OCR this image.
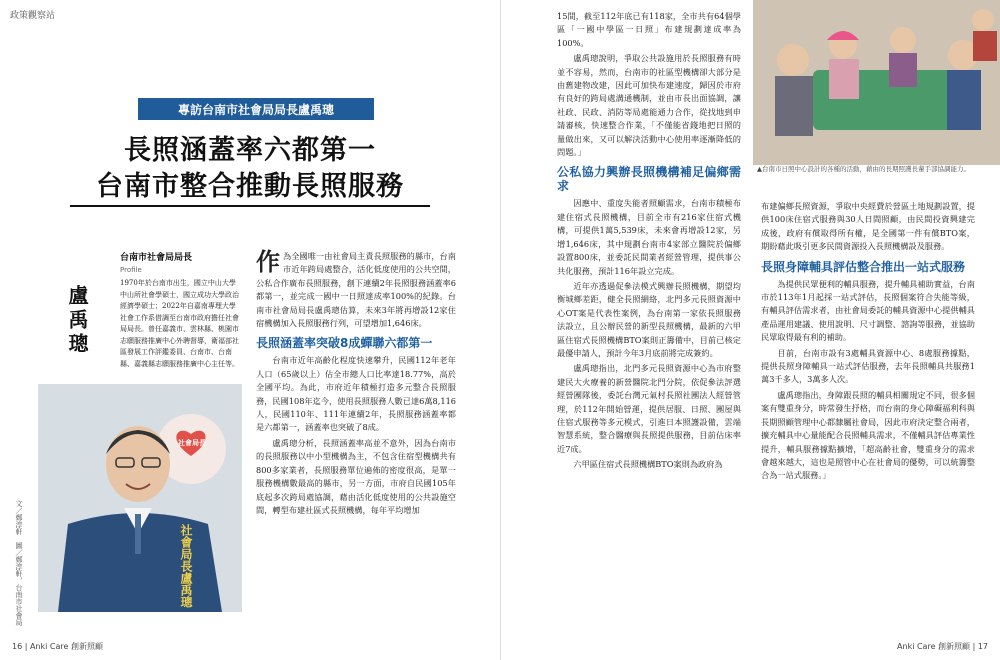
政策觀察站
專訪台南市社會局局長盧禹璁
長照涵蓋率六都第一
台南市整合推動長照服務
盧禹璁
台南市社會局局長
Profile
1970年於台南市出生，國立中山大學中山所社會學碩士，國立成功大學政治經濟學碩士；2022年自嘉南專理大學社會工作系借調至台南市政府擔任社會局局長。曾任嘉義市、雲林縣、桃園市志願服務推廣中心外聘督導，衛福部社區發展工作評鑑委員、台南市、台南縣、嘉義縣志願服務推廣中心主任等。
社會局長盧禹璁
社會局長
文／鄭淳軒　圖／鄭淳軒，台南市社會局
作為全國唯一由社會局主責長照服務的縣市，台南市近年跨局處整合，活化低度使用的公共空間，公私合作廣布長照服務，創下連續2年長照服務涵蓋率6都第一，並完成一國中一日照達成率100%的紀錄。台南市社會局局長盧禹璁估算，未來3年將再增設12家住宿機構加入長照服務行列，可望增加1,646床。
長照涵蓋率突破8成蟬聯六都第一

台南市近年高齡化程度快速攀升，民國112年老年人口（65歲以上）佔全市總人口比率達18.77%，高於全國平均。為此，市府近年積極打造多元整合長照服務，民國108年迄今，使用長照服務人數已達6萬8,116人，民國110年、111年連續2年，長照服務涵蓋率都是六都第一，涵蓋率也突破了8成。

盧禹璁分析，長照涵蓋率高並不意外，因為台南市的長照服務以中小型機構為主，不包含住宿型機構共有800多家業者，長照服務單位遍佈的密度很高，是單一服務機構數最高的縣市，另一方面，市府自民國105年底起多次跨局處協調，藉由活化低度使用的公共設施空間，轉型布建社區式長照機構，每年平均增加

16 | Anki Care 創新照顧

15間，截至112年底已有118家，全市共有64個學區「一國中學區一日照」布建規劃達成率為100%。

盧禹璁說明，爭取公共設施用於長照服務有時並不容易，然而，台南市的社區型機構卻大部分是由舊建物改建，因此可加快布建速度，歸因於市府有良好的跨局處溝通機制，並由市長出面協調，讓社政、民政、消防等局處能通力合作，從找地到申請審核，快速整合作業，「不僅能省錢地把日照的量做出來，又可以解決活動中心使用率逐漸降低的問題。」

公私協力興辦長照機構補足偏鄉需求

因應中、重度失能者照顧需求，台南市積極布建住宿式長照機構，目前全市有216家住宿式機構，可提供1萬5,539床，未來會再增設12家，另增1,646床，其中規劃台南市4家部立醫院於偏鄉設置800床，並委託民間業者經營管理，提供事公共化服務，預計116年設立完成。

近年亦透過促參法模式興辦長照機構，期望均衡城鄉差距，健全長照網絡，北門多元長照資源中心OT案是代表性案例，為台南第一家依長照服務法設立，且公辦民營的新型長照機構，最新的六甲區住宿式長照機構BTO案則正籌備中，目前已核定最優申請人，預計今年3月底前將完成簽約。

盧禹璁指出，北門多元長照資源中心為市府整建民大火療養的新營醫院北門分院，依促參法評選經營團隊後，委託台灣元氣村長照社團法人經營管理，於112年開始營運，提供居服、日照、團屋與住宿式服務等多元模式，引進日本照護設備，雲端智慧系統，整合醫療與長照提供服務，目前佔床率近7成。

六甲區住宿式長照機構BTO案則為政府為

▲台南市日照中心設計的各種的活動，藉由的長期照護長輩手部協調能力。

布建偏鄉長照資源，爭取中央經費於營區土地規劃設置，提供100床住宿式服務與30人日間照顧，由民間投資興建完成後，政府有償取得所有權，是全國第一件有償BTO案，期盼藉此吸引更多民間資源投入長照機構設及服務。

長照身障輔具評估整合推出一站式服務

為提供民眾便利的輔具服務，提升輔具補助實益，台南市於113年1月起採一站式評估，長照個案符合失能等級，有輔具評估需求者，由社會局委託的輔具資源中心提供輔具產品運用建議、使用說明、尺寸調整、諮詢等服務，並協助民眾取得最有利的補助。

目前，台南市設有3處輔具資源中心、8處服務據點，提供長照身障輔具一站式評估服務，去年長照輔具共服務1萬3千多人，3萬多人次。

盧禹璁指出，身障跟長照的輔具相關規定不同，很多個案有雙重身分，時常發生抒格，而台南的身心障礙福利科與長期照顧管理中心都隸屬社會局，因此市府決定整合兩者，擴充輔具中心量能配合長照輔具需求，不僅輔具評估專業性提升，輔具服務據點擴增，「超高齡社會，雙重身分的需求會越來越大，這也是照管中心在社會局的優勢，可以統籌整合為一站式服務。」

Anki Care 創新照顧 | 17
